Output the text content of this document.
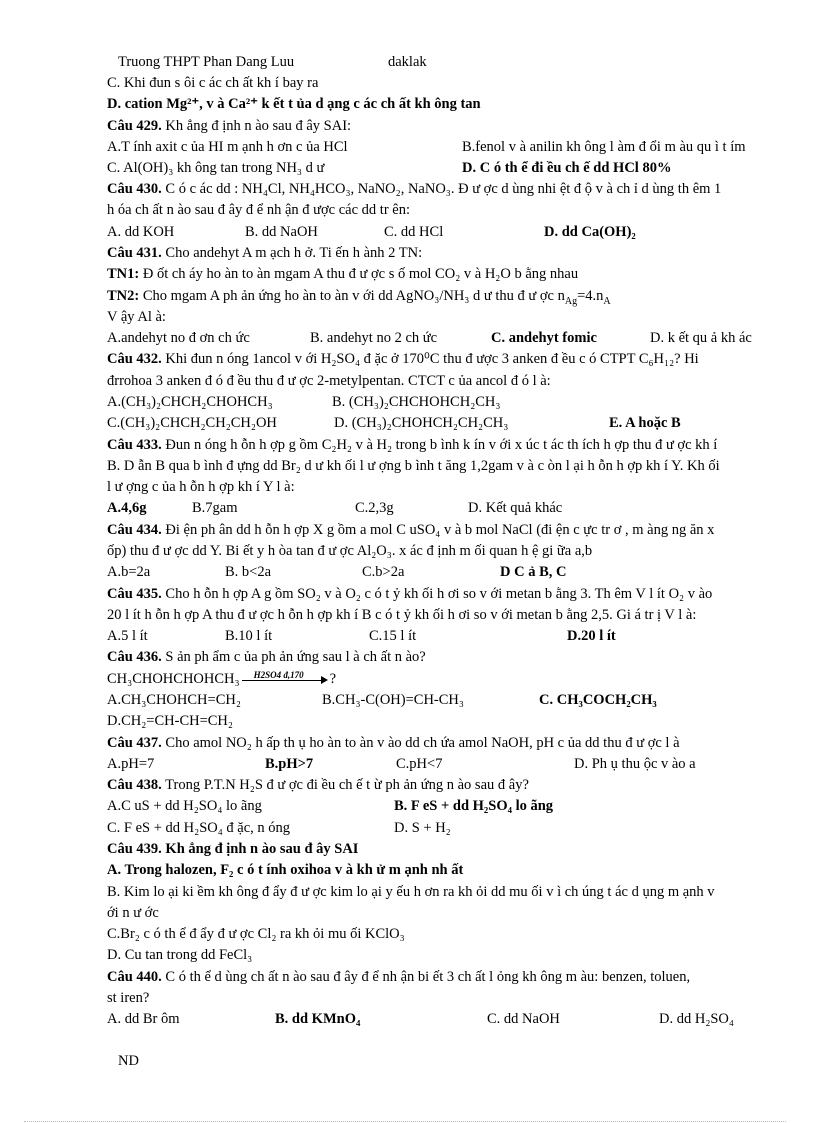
Truong THPT Phan Dang Luu	daklak
C. Khi đun s ôi c ác ch ất kh í bay ra
D. cation Mg²⁺, v à Ca²⁺ k ết t ủa d ạng c ác ch ất kh ông tan
Câu 429. Kh ẳng đ ịnh n ào sau đ ây SAI:
A.T ính axit c ủa HI m ạnh h ơn c ủa HCl	B.fenol v à anilin kh ông l àm đ ổi m àu qu ì t ím
C. Al(OH)₃ kh ông tan trong NH₃ d ư	D. C ó th ể đi ều ch ế dd HCl 80%
Câu 430. C ó c ác dd : NH₄Cl, NH₄HCO₃, NaNO₂, NaNO₃. Đ ư ợc d ùng nhi ệt đ ộ v à ch ỉ d ùng th êm 1
h óa ch ất n ào sau đ ây đ ể nh ận đ ược các dd tr ên:
A. dd KOH	B. dd NaOH	C. dd HCl	D. dd Ca(OH)₂
Câu 431. Cho andehyt A m ạch h ở. Ti ến h ành 2 TN:
TN1: Đ ốt ch áy ho àn to àn mgam A thu đ ư ợc s ố mol CO₂ v à H₂O b ằng nhau
TN2: Cho mgam A ph ản ứng ho àn to àn v ới dd AgNO₃/NH₃ d ư thu đ ư ợc $n_{Ag}=4.n_A$
V ậy Al à:
A.andehyt no đ ơn ch ức	B. andehyt no 2 ch ức	C. andehyt fomic	D. k ết qu ả kh ác
Câu 432. Khi đun n óng 1ancol v ới H₂SO₄ đ ặc ở 170⁰C thu đ ược 3 anken đ ều c ó CTPT C₆H₁₂? Hi
đrrohoa 3 anken đ ó đ ều thu đ ư ợc 2-metylpentan. CTCT c ủa ancol đ ó l à:
A.(CH₃)₂CHCH₂CHOHCH₃	B. (CH₃)₂CHCHOHCH₂CH₃
C.(CH₃)₂CHCH₂CH₂CH₂OH	D. (CH₃)₂CHOHCH₂CH₂CH₃	E. A hoặc B
Câu 433. Đun n óng h ỗn h ợp g ồm C₂H₂ v à H₂ trong b ình k ín v ới x úc t ác th ích h ợp thu đ ư ợc kh í
B. D ẫn B qua b ình đ ựng dd Br₂ d ư kh ối l ư ợng b ình t ăng 1,2gam v à c òn l ại h ỗn h ợp kh í Y. Kh ối
l ư ợng c ủa h ỗn h ợp kh í Y l à:
A.4,6g	B.7gam	C.2,3g	D. Kết quả khác
Câu 434. Đi ện ph ân dd h ỗn h ợp X g ồm a mol C uSO₄ v à b mol NaCl (đi ện c ực tr ơ , m àng ng ăn x
ốp) thu đ ư ợc dd Y. Bi ết y h òa tan đ ư ợc Al₂O₃. x ác đ ịnh m ối quan h ệ gi ữa a,b
A.b=2a	B. b<2a	C.b>2a	D C ả B, C
Câu 435. Cho h ỗn h ợp A g ồm SO₂ v à O₂ c ó t ỷ kh ối h ơi so v ới metan b ằng 3. Th êm V l ít O₂ v ào
20 l ít h ỗn h ợp A thu đ ư ợc h ỗn h ợp kh í B c ó t ỷ kh ối h ơi so v ới metan b ằng 2,5. Gi á tr ị V l à:
A.5 l ít	B.10 l ít	C.15 l ít	D.20 l ít
Câu 436. S ản ph ẩm c ủa ph ản ứng sau l à ch ất n ào?
CH₃CHOHCHOHCH₃ H2SO4 đ,170 ?
A.CH₃CHOHCH=CH₂	B.CH₃-C(OH)=CH-CH₃	C. CH₃COCH₂CH₃
D.CH₂=CH-CH=CH₂
Câu 437. Cho amol NO₂ h ấp th ụ ho àn to àn v ào dd ch ứa amol NaOH, pH c ủa dd thu đ ư ợc l à
A.pH=7	B.pH>7	C.pH<7	D. Ph ụ thu ộc v ào a
Câu 438. Trong P.T.N H₂S đ ư ợc đi ều ch ế t ừ ph ản ứng n ào sau đ ây?
A.C uS + dd H₂SO₄ lo ãng	B. F eS + dd H₂SO₄ lo ãng
C. F eS + dd H₂SO₄ đ ặc, n óng	D. S + H₂
Câu 439. Kh ẳng đ ịnh n ào sau đ ây SAI
A. Trong halozen, F₂ c ó t ính oxihoa v à kh ử m ạnh nh ất
B. Kim lo ại ki ềm kh ông đ ẩy đ ư ợc kim lo ại y ếu h ơn ra kh ỏi dd mu ối v ì ch úng t ác d ụng m ạnh v
ới n ư ớc
C.Br₂ c ó th ể đ ẩy đ ư ợc Cl₂ ra kh ỏi mu ối KClO₃
D. Cu tan trong dd FeCl₃
Câu 440. C ó th ể d ùng ch ất n ào sau đ ây đ ể nh ận bi ết 3 ch ất l ỏng kh ông m àu: benzen, toluen,
st iren?
A. dd Br ôm	B. dd KMnO₄	C. dd NaOH	D. dd H₂SO₄
ND
